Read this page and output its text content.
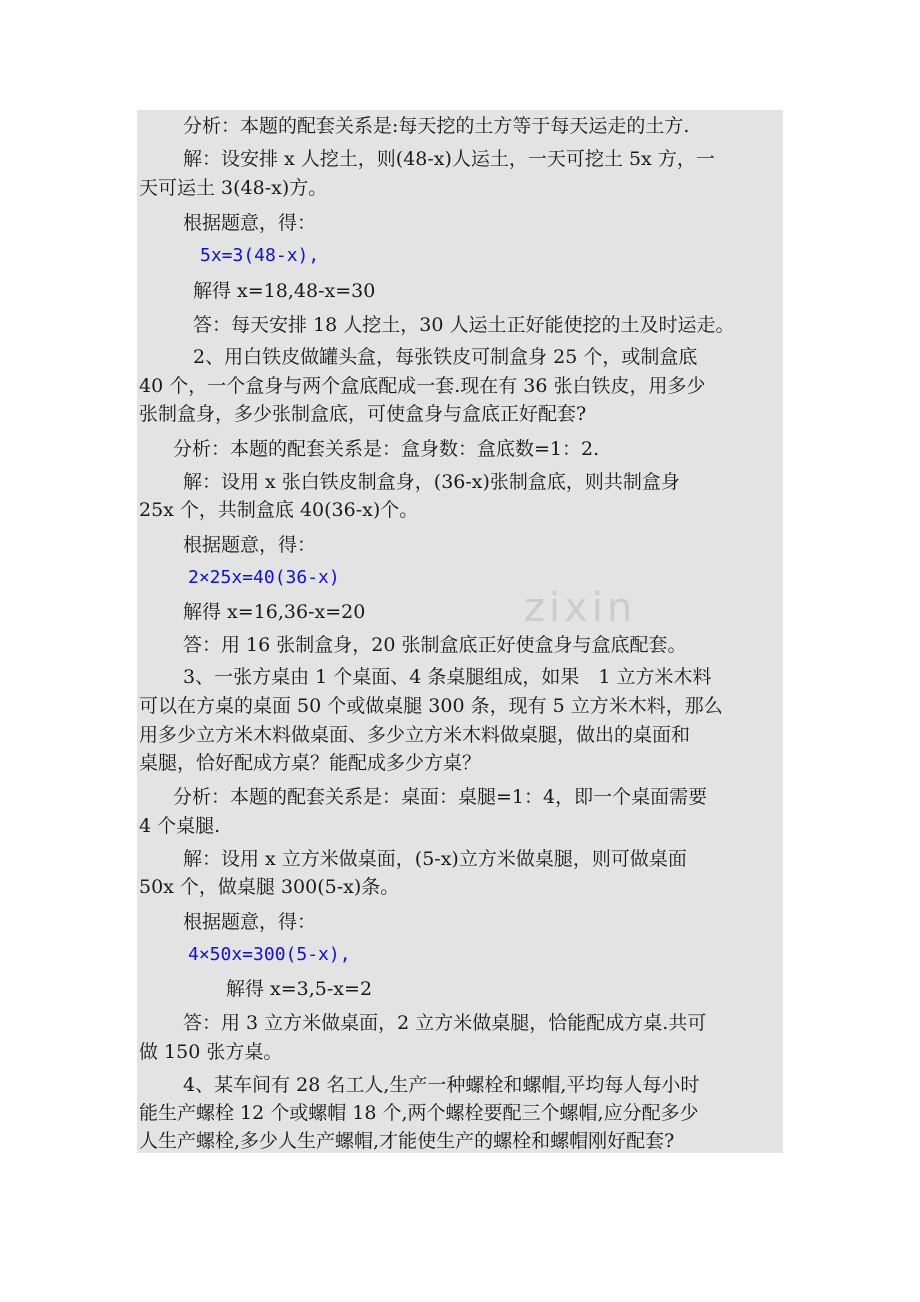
zixin
分析：本题的配套关系是:每天挖的土方等于每天运走的土方.
解：设安排 x 人挖土，则(48-x)人运土，一天可挖土 5x 方，一
天可运土 3(48-x)方。
根据题意，得：
5x=3(48-x),
解得 x=18,48-x=30
答：每天安排 18 人挖土，30 人运土正好能使挖的土及时运走。
2、用白铁皮做罐头盒，每张铁皮可制盒身 25 个，或制盒底
40 个，一个盒身与两个盒底配成一套.现在有 36 张白铁皮，用多少
张制盒身，多少张制盒底，可使盒身与盒底正好配套?
分析：本题的配套关系是：盒身数：盒底数=1：2.
解：设用 x 张白铁皮制盒身，(36-x)张制盒底，则共制盒身
25x 个，共制盒底 40(36-x)个。
根据题意，得：
2×25x=40(36-x)
解得 x=16,36-x=20
答：用 16 张制盒身，20 张制盒底正好使盒身与盒底配套。
3、一张方桌由 1 个桌面、4 条桌腿组成，如果　1 立方米木料
可以在方桌的桌面 50 个或做桌腿 300 条，现有 5 立方米木料，那么
用多少立方米木料做桌面、多少立方米木料做桌腿，做出的桌面和
桌腿，恰好配成方桌？能配成多少方桌？
分析：本题的配套关系是：桌面：桌腿=1：4，即一个桌面需要
4 个桌腿.
解：设用 x 立方米做桌面，(5-x)立方米做桌腿，则可做桌面
50x 个，做桌腿 300(5-x)条。
根据题意，得：
4×50x=300(5-x),
解得 x=3,5-x=2
答：用 3 立方米做桌面，2 立方米做桌腿，恰能配成方桌.共可
做 150 张方桌。
4、某车间有 28 名工人,生产一种螺栓和螺帽,平均每人每小时
能生产螺栓 12 个或螺帽 18 个,两个螺栓要配三个螺帽,应分配多少
人生产螺栓,多少人生产螺帽,才能使生产的螺栓和螺帽刚好配套?
